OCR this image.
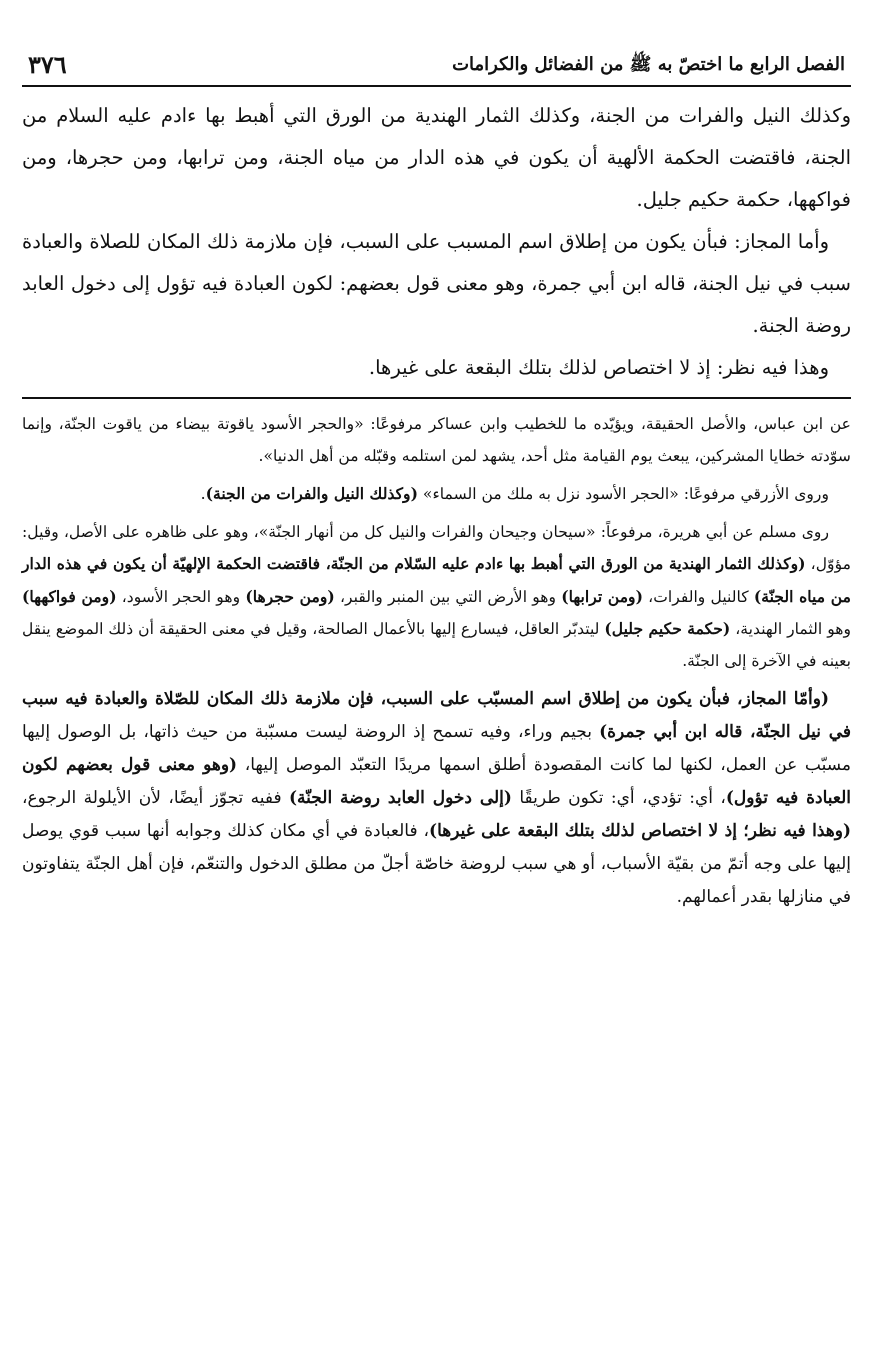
الفصل الرابع ما اختصّ به ﷺ من الفضائل والكرامات
٣٧٦

وكذلك النيل والفرات من الجنة، وكذلك الثمار الهندية من الورق التي أهبط بها ءادم عليه السلام من الجنة، فاقتضت الحكمة الألهية أن يكون في هذه الدار من مياه الجنة، ومن ترابها، ومن حجرها، ومن فواكهها، حكمة حكيم جليل.

وأما المجاز: فبأن يكون من إطلاق اسم المسبب على السبب، فإن ملازمة ذلك المكان للصلاة والعبادة سبب في نيل الجنة، قاله ابن أبي جمرة، وهو معنى قول بعضهم: لكون العبادة فيه تؤول إلى دخول العابد روضة الجنة.

وهذا فيه نظر: إذ لا اختصاص لذلك بتلك البقعة على غيرها.

عن ابن عباس، والأصل الحقيقة، ويؤيّده ما للخطيب وابن عساكر مرفوعًا: «والحجر الأسود ياقوتة بيضاء من ياقوت الجنّة، وإنما سوّدته خطايا المشركين، يبعث يوم القيامة مثل أحد، يشهد لمن استلمه وقبّله من أهل الدنيا».

وروى الأزرقي مرفوعًا: «الحجر الأسود نزل به ملك من السماء» (وكذلك النيل والفرات من الجنة).

روى مسلم عن أبي هريرة، مرفوعاً: «سيحان وجيحان والفرات والنيل كل من أنهار الجنّة»، وهو على ظاهره على الأصل، وقيل: مؤوّل، (وكذلك الثمار الهندية من الورق التي أهبط بها ءادم عليه السّلام من الجنّة، فاقتضت الحكمة الإلهيّة أن يكون في هذه الدار من مياه الجنّة) كالنيل والفرات، (ومن ترابها) وهو الأرض التي بين المنبر والقبر، (ومن حجرها) وهو الحجر الأسود، (ومن فواكهها) وهو الثمار الهندية، (حكمة حكيم جليل) ليتدبّر العاقل، فيسارع إليها بالأعمال الصالحة، وقيل في معنى الحقيقة أن ذلك الموضع ينقل بعينه في الآخرة إلى الجنّة.

(وأمّا المجاز، فبأن يكون من إطلاق اسم المسبّب على السبب، فإن ملازمة ذلك المكان للصّلاة والعبادة فيه سبب في نيل الجنّة، قاله ابن أبي جمرة) بجيم وراء، وفيه تسمح إذ الروضة ليست مسبّبة من حيث ذاتها، بل الوصول إليها مسبّب عن العمل، لكنها لما كانت المقصودة أطلق اسمها مريدًا التعبّد الموصل إليها، (وهو معنى قول بعضهم لكون العبادة فيه تؤول)، أي: تؤدي، أي: تكون طريقًا (إلى دخول العابد روضة الجنّة) ففيه تجوّز أيضًا، لأن الأيلولة الرجوع، (وهذا فيه نظر؛ إذ لا اختصاص لذلك بتلك البقعة على غيرها)، فالعبادة في أي مكان كذلك وجوابه أنها سبب قوي يوصل إليها على وجه أتمّ من بقيّة الأسباب، أو هي سبب لروضة خاصّة أجلّ من مطلق الدخول والتنعّم، فإن أهل الجنّة يتفاوتون في منازلها بقدر أعمالهم.
